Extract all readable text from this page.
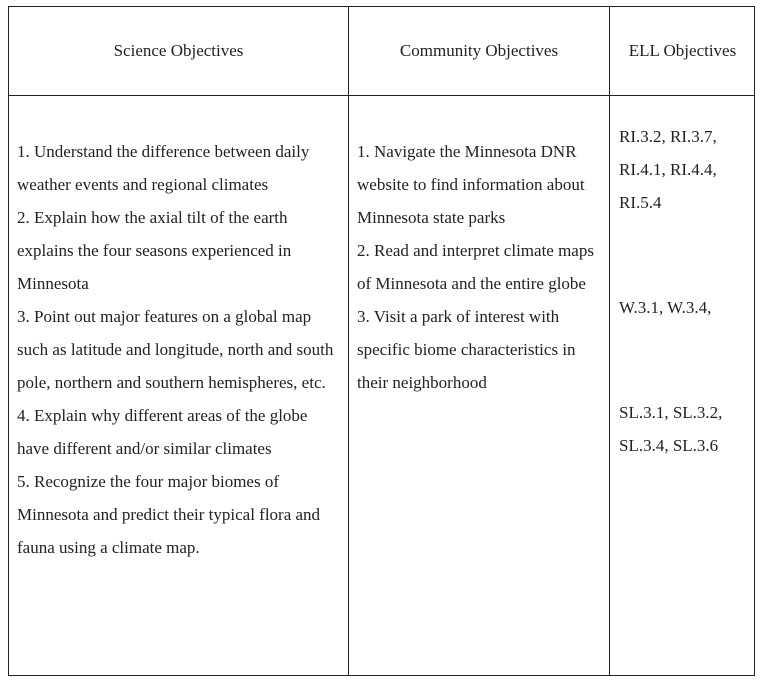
Science Objectives	Community Objectives	ELL Objectives
1. Understand the difference between daily weather events and regional climates
2. Explain how the axial tilt of the earth explains the four seasons experienced in Minnesota
3. Point out major features on a global map such as latitude and longitude, north and south pole, northern and southern hemispheres, etc.
4. Explain why different areas of the globe have different and/or similar climates
5. Recognize the four major biomes of Minnesota and predict their typical flora and fauna using a climate map.
1. Navigate the Minnesota DNR website to find information about Minnesota state parks
2. Read and interpret climate maps of Minnesota and the entire globe
3. Visit a park of interest with specific biome characteristics in their neighborhood
RI.3.2, RI.3.7, RI.4.1, RI.4.4, RI.5.4
W.3.1, W.3.4,
SL.3.1, SL.3.2, SL.3.4, SL.3.6
